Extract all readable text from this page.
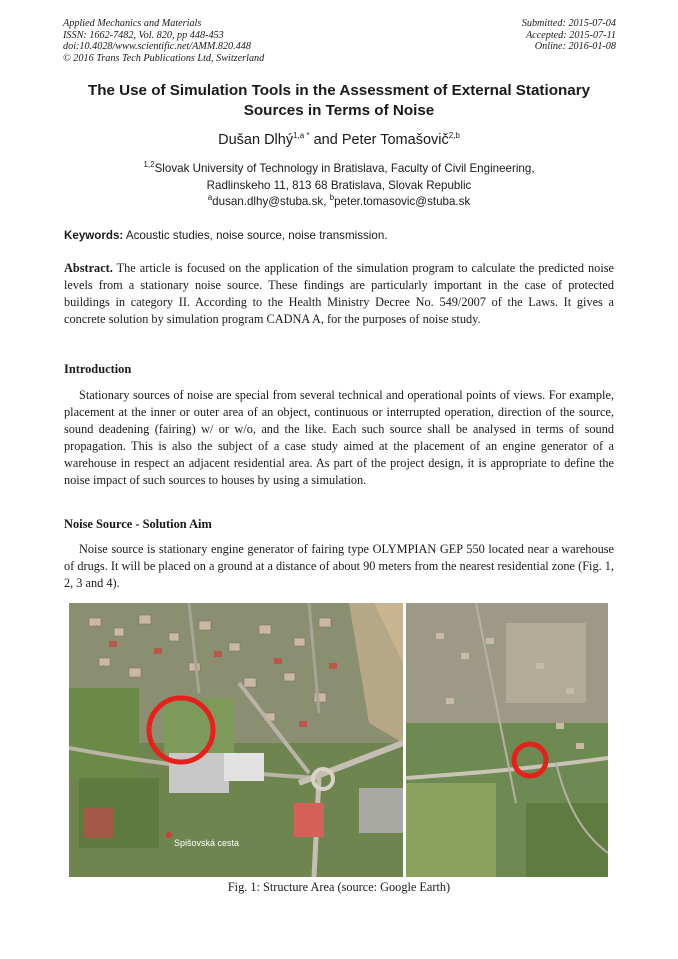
Applied Mechanics and Materials
ISSN: 1662-7482, Vol. 820, pp 448-453
doi:10.4028/www.scientific.net/AMM.820.448
© 2016 Trans Tech Publications Ltd, Switzerland
Submitted: 2015-07-04
Accepted: 2015-07-11
Online: 2016-01-08
The Use of Simulation Tools in the Assessment of External Stationary
Sources in Terms of Noise
Dušan Dlhý$^{1,a *}$ and Peter Tomašovič$^{2,b}$
$^{1,2}$Slovak University of Technology in Bratislava, Faculty of Civil Engineering,
Radlinskeho 11, 813 68 Bratislava, Slovak Republic
$^a$dusan.dlhy@stuba.sk, $^b$peter.tomasovic@stuba.sk
Keywords: Acoustic studies, noise source, noise transmission.
Abstract. The article is focused on the application of the simulation program to calculate the predicted noise levels from a stationary noise source. These findings are particularly important in the case of protected buildings in category II. According to the Health Ministry Decree No. 549/2007 of the Laws. It gives a concrete solution by simulation program CADNA A, for the purposes of noise study.
Introduction
Stationary sources of noise are special from several technical and operational points of views. For example, placement at the inner or outer area of an object, continuous or interrupted operation, direction of the source, sound deadening (fairing) w/ or w/o, and the like. Each such source shall be analysed in terms of sound propagation. This is also the subject of a case study aimed at the placement of an engine generator of a warehouse in respect an adjacent residential area. As part of the project design, it is appropriate to define the noise impact of such sources to houses by using a simulation.
Noise Source - Solution Aim
Noise source is stationary engine generator of fairing type OLYMPIAN GEP 550 located near a warehouse of drugs. It will be placed on a ground at a distance of about 90 meters from the nearest residential zone (Fig. 1, 2, 3 and 4).
Spišovská cesta
Fig. 1: Structure Area (source: Google Earth)
